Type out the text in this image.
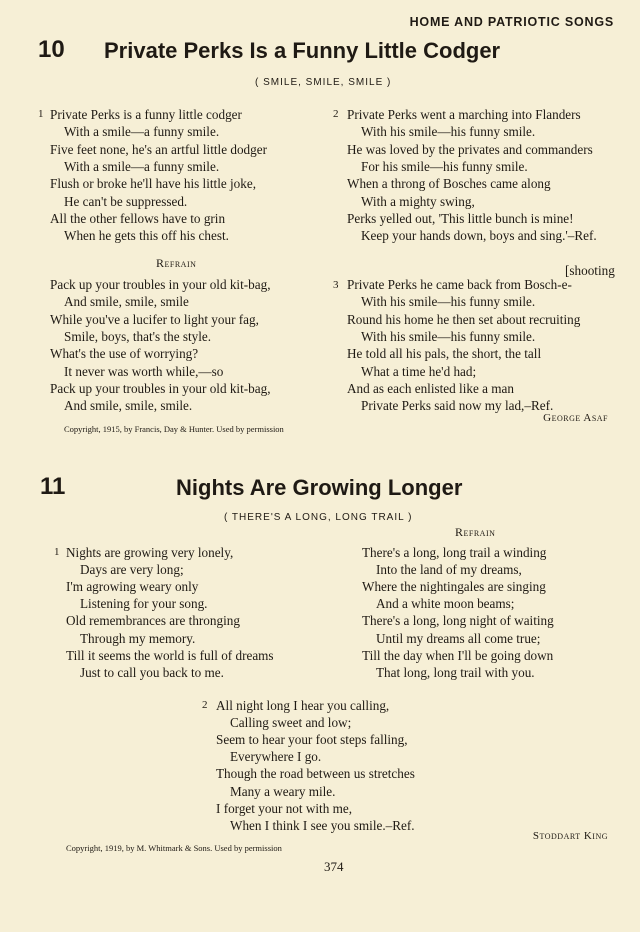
HOME AND PATRIOTIC SONGS
10 Private Perks Is a Funny Little Codger
( SMILE, SMILE, SMILE )
1 Private Perks is a funny little codger
With a smile—a funny smile.
Five feet none, he's an artful little dodger
With a smile—a funny smile.
Flush or broke he'll have his little joke,
He can't be suppressed.
All the other fellows have to grin
When he gets this off his chest.
Refrain
Pack up your troubles in your old kit-bag,
And smile, smile, smile
While you've a lucifer to light your fag,
Smile, boys, that's the style.
What's the use of worrying?
It never was worth while,—so
Pack up your troubles in your old kit-bag,
And smile, smile, smile.
2 Private Perks went a marching into Flanders
With his smile—his funny smile.
He was loved by the privates and commanders
For his smile—his funny smile.
When a throng of Bosches came along
With a mighty swing,
Perks yelled out, 'This little bunch is mine!
Keep your hands down, boys and sing.'–Ref.
[shooting
3 Private Perks he came back from Bosch-e-
With his smile—his funny smile.
Round his home he then set about recruiting
With his smile—his funny smile.
He told all his pals, the short, the tall
What a time he'd had;
And as each enlisted like a man
Private Perks said now my lad,–Ref.
George Asaf
Copyright, 1915, by Francis, Day & Hunter. Used by permission
11	Nights Are Growing Longer
( THERE'S A LONG, LONG TRAIL )
Refrain
1 Nights are growing very lonely,
Days are very long;
I'm agrowing weary only
Listening for your song.
Old remembrances are thronging
Through my memory.
Till it seems the world is full of dreams
Just to call you back to me.
There's a long, long trail a winding
Into the land of my dreams,
Where the nightingales are singing
And a white moon beams;
There's a long, long night of waiting
Until my dreams all come true;
Till the day when I'll be going down
That long, long trail with you.
2 All night long I hear you calling,
Calling sweet and low;
Seem to hear your foot steps falling,
Everywhere I go.
Though the road between us stretches
Many a weary mile.
I forget your not with me,
When I think I see you smile.–Ref.
Stoddart King
Copyright, 1919, by M. Whitmark & Sons. Used by permission
374
